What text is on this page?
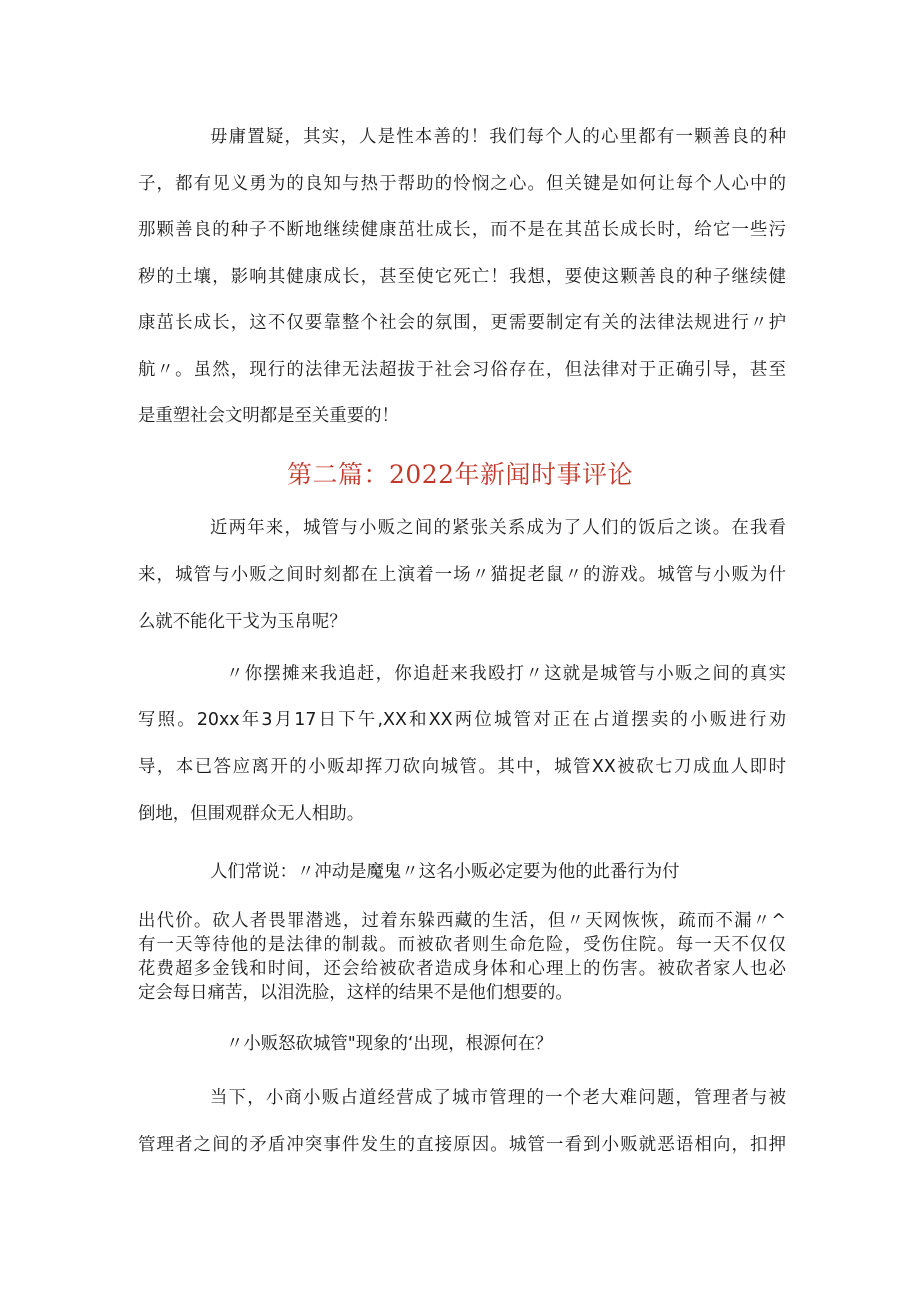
毋庸置疑，其实，人是性本善的！我们每个人的心里都有一颗善良的种
子，都有见义勇为的良知与热于帮助的怜悯之心。但关键是如何让每个人心中的
那颗善良的种子不断地继续健康茁壮成长，而不是在其茁长成长时，给它一些污
秽的土壤，影响其健康成长，甚至使它死亡！我想，要使这颗善良的种子继续健
康茁长成长，这不仅要靠整个社会的氛围，更需要制定有关的法律法规进行〃护
航〃。虽然，现行的法律无法超拔于社会习俗存在，但法律对于正确引导，甚至
是重塑社会文明都是至关重要的！
第二篇：2022年新闻时事评论
近两年来，城管与小贩之间的紧张关系成为了人们的饭后之谈。在我看
来，城管与小贩之间时刻都在上演着一场〃猫捉老鼠〃的游戏。城管与小贩为什
么就不能化干戈为玉帛呢？
〃你摆摊来我追赶，你追赶来我殴打〃这就是城管与小贩之间的真实
写照。20xx年3月17日下午,XX和XX两位城管对正在占道摆卖的小贩进行劝
导，本已答应离开的小贩却挥刀砍向城管。其中，城管XX被砍七刀成血人即时
倒地，但围观群众无人相助。
人们常说：〃冲动是魔鬼〃这名小贩必定要为他的此番行为付
出代价。砍人者畏罪潜逃，过着东躲西藏的生活，但〃天网恢恢，疏而不漏〃^
有一天等待他的是法律的制裁。而被砍者则生命危险，受伤住院。每一天不仅仅
花费超多金钱和时间，还会给被砍者造成身体和心理上的伤害。被砍者家人也必
定会每日痛苦，以泪洗脸，这样的结果不是他们想要的。
〃小贩怒砍城管"现象的‘出现，根源何在？
当下，小商小贩占道经营成了城市管理的一个老大难问题，管理者与被
管理者之间的矛盾冲突事件发生的直接原因。城管一看到小贩就恶语相向，扣押
